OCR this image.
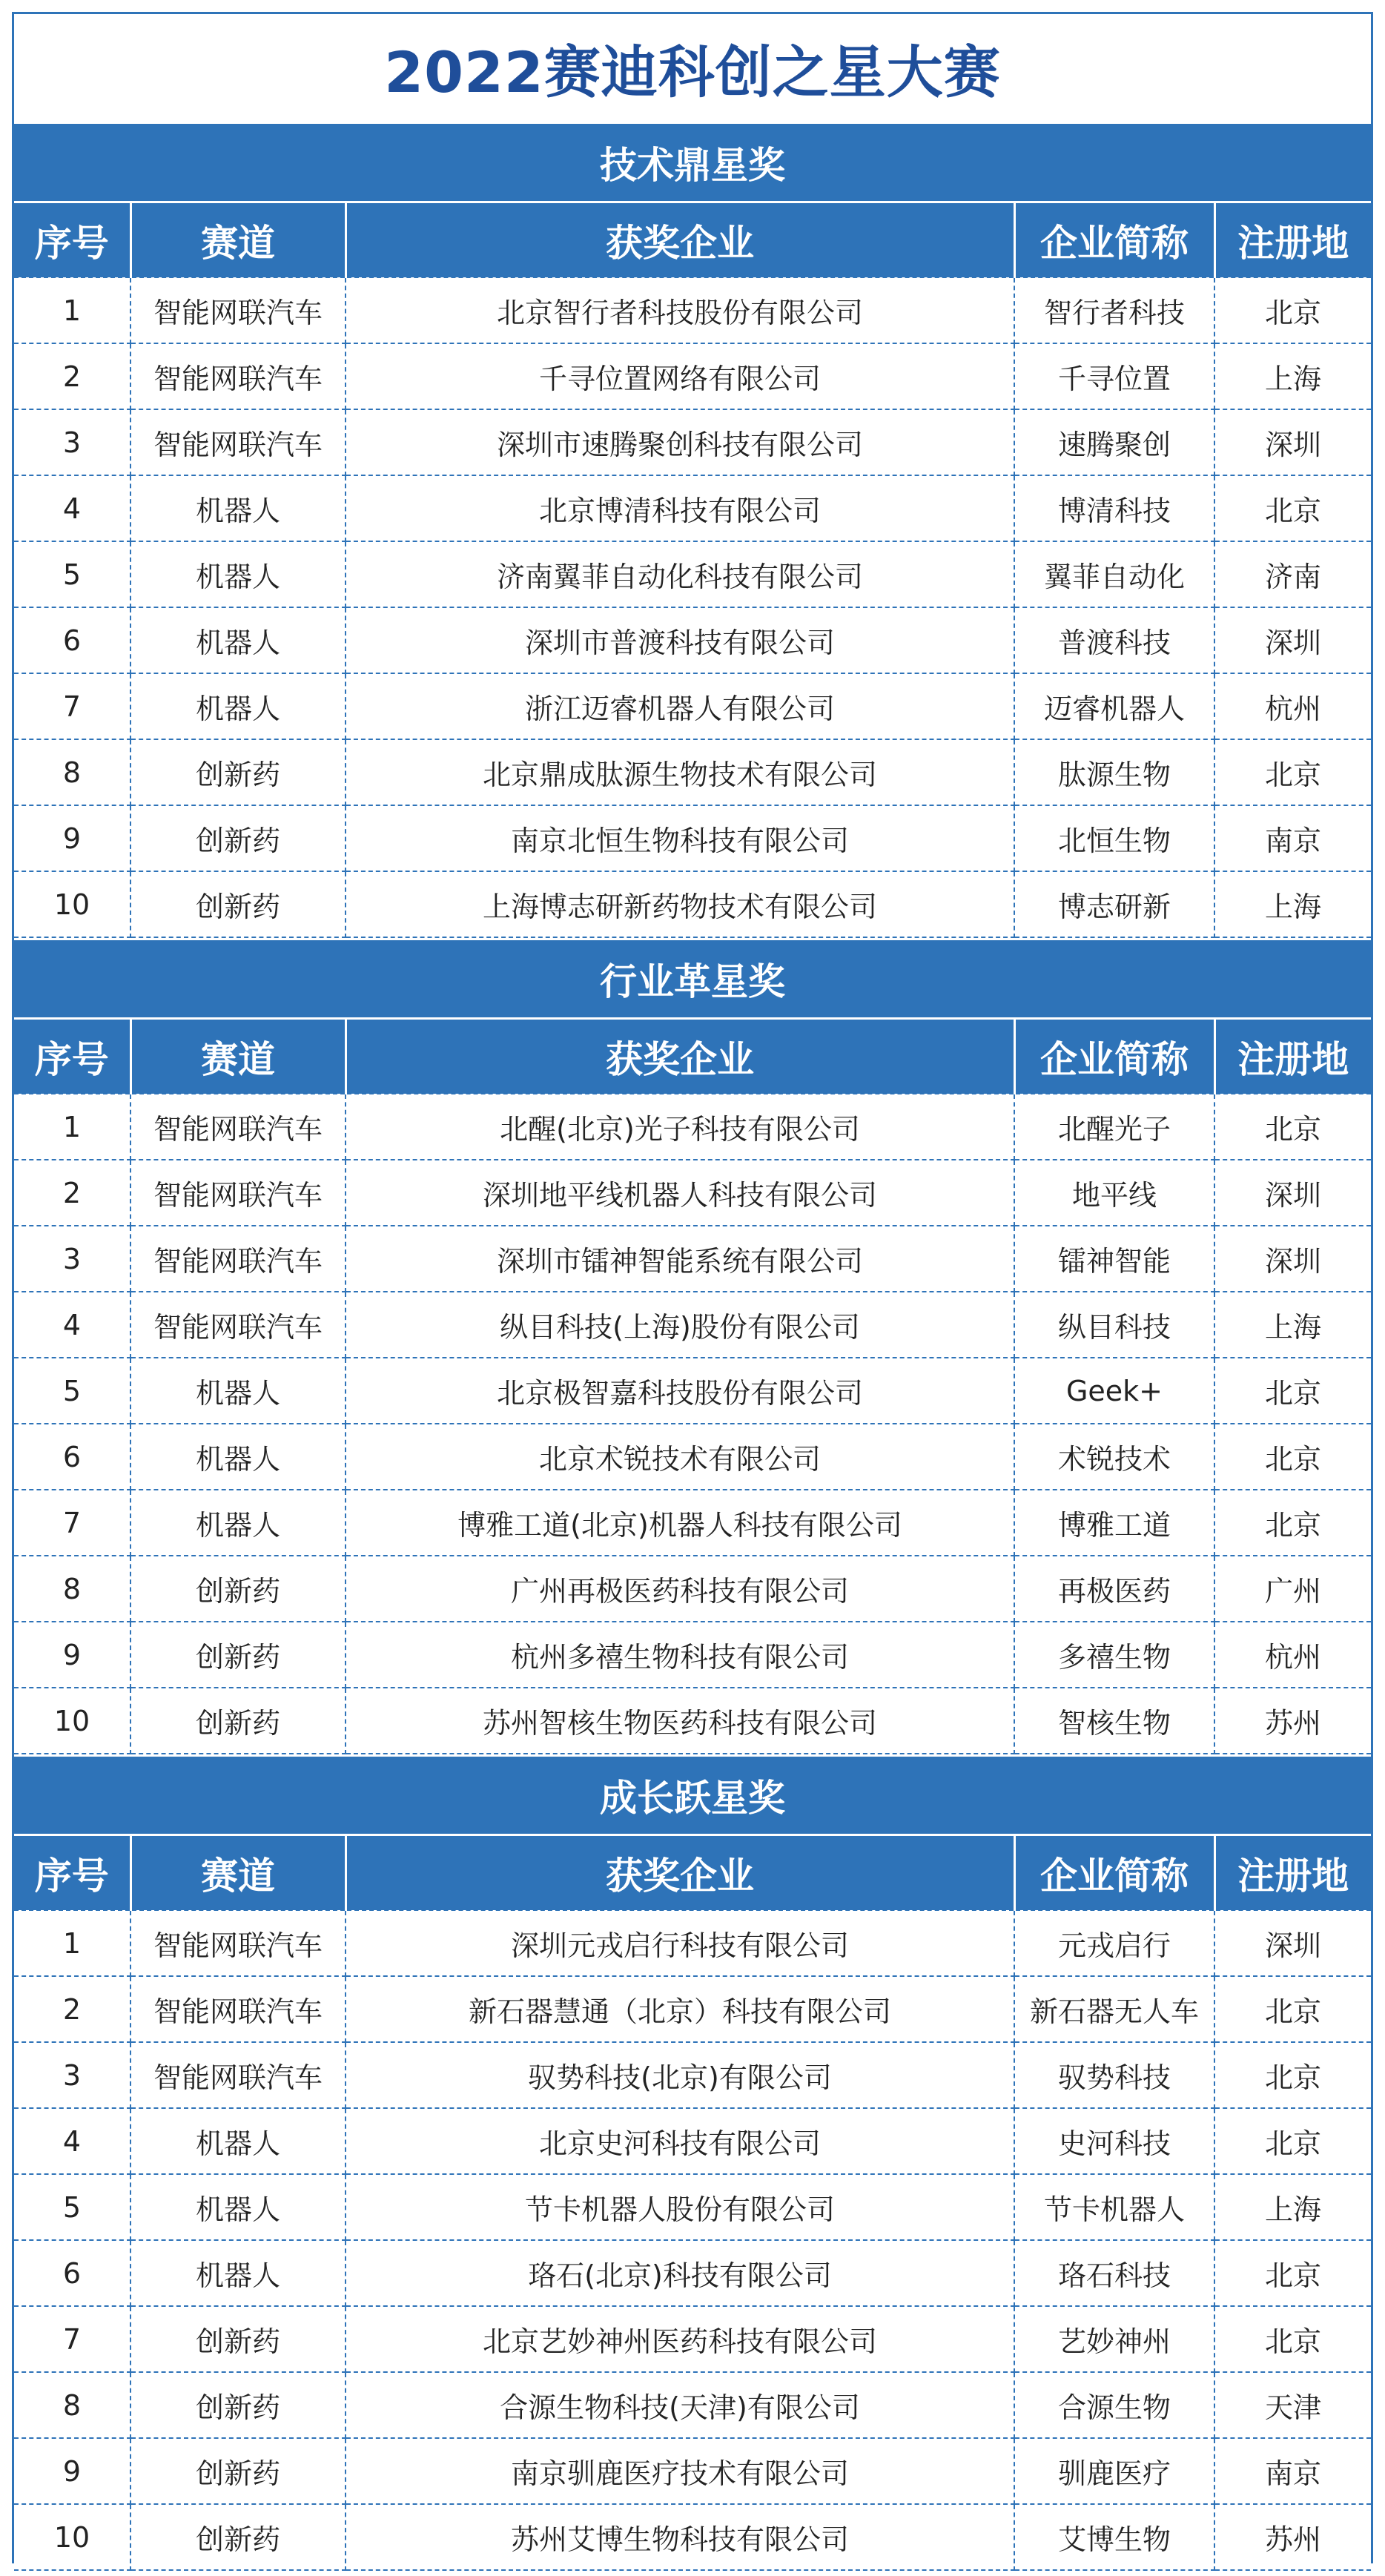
2022赛迪科创之星大赛
技术鼎星奖
序号	赛道	获奖企业	企业简称	注册地
1	智能网联汽车	北京智行者科技股份有限公司	智行者科技	北京
2	智能网联汽车	千寻位置网络有限公司	千寻位置	上海
3	智能网联汽车	深圳市速腾聚创科技有限公司	速腾聚创	深圳
4	机器人	北京博清科技有限公司	博清科技	北京
5	机器人	济南翼菲自动化科技有限公司	翼菲自动化	济南
6	机器人	深圳市普渡科技有限公司	普渡科技	深圳
7	机器人	浙江迈睿机器人有限公司	迈睿机器人	杭州
8	创新药	北京鼎成肽源生物技术有限公司	肽源生物	北京
9	创新药	南京北恒生物科技有限公司	北恒生物	南京
10	创新药	上海博志研新药物技术有限公司	博志研新	上海
行业革星奖
序号	赛道	获奖企业	企业简称	注册地
1	智能网联汽车	北醒(北京)光子科技有限公司	北醒光子	北京
2	智能网联汽车	深圳地平线机器人科技有限公司	地平线	深圳
3	智能网联汽车	深圳市镭神智能系统有限公司	镭神智能	深圳
4	智能网联汽车	纵目科技(上海)股份有限公司	纵目科技	上海
5	机器人	北京极智嘉科技股份有限公司	Geek+	北京
6	机器人	北京术锐技术有限公司	术锐技术	北京
7	机器人	博雅工道(北京)机器人科技有限公司	博雅工道	北京
8	创新药	广州再极医药科技有限公司	再极医药	广州
9	创新药	杭州多禧生物科技有限公司	多禧生物	杭州
10	创新药	苏州智核生物医药科技有限公司	智核生物	苏州
成长跃星奖
序号	赛道	获奖企业	企业简称	注册地
1	智能网联汽车	深圳元戎启行科技有限公司	元戎启行	深圳
2	智能网联汽车	新石器慧通（北京）科技有限公司	新石器无人车	北京
3	智能网联汽车	驭势科技(北京)有限公司	驭势科技	北京
4	机器人	北京史河科技有限公司	史河科技	北京
5	机器人	节卡机器人股份有限公司	节卡机器人	上海
6	机器人	珞石(北京)科技有限公司	珞石科技	北京
7	创新药	北京艺妙神州医药科技有限公司	艺妙神州	北京
8	创新药	合源生物科技(天津)有限公司	合源生物	天津
9	创新药	南京驯鹿医疗技术有限公司	驯鹿医疗	南京
10	创新药	苏州艾博生物科技有限公司	艾博生物	苏州
